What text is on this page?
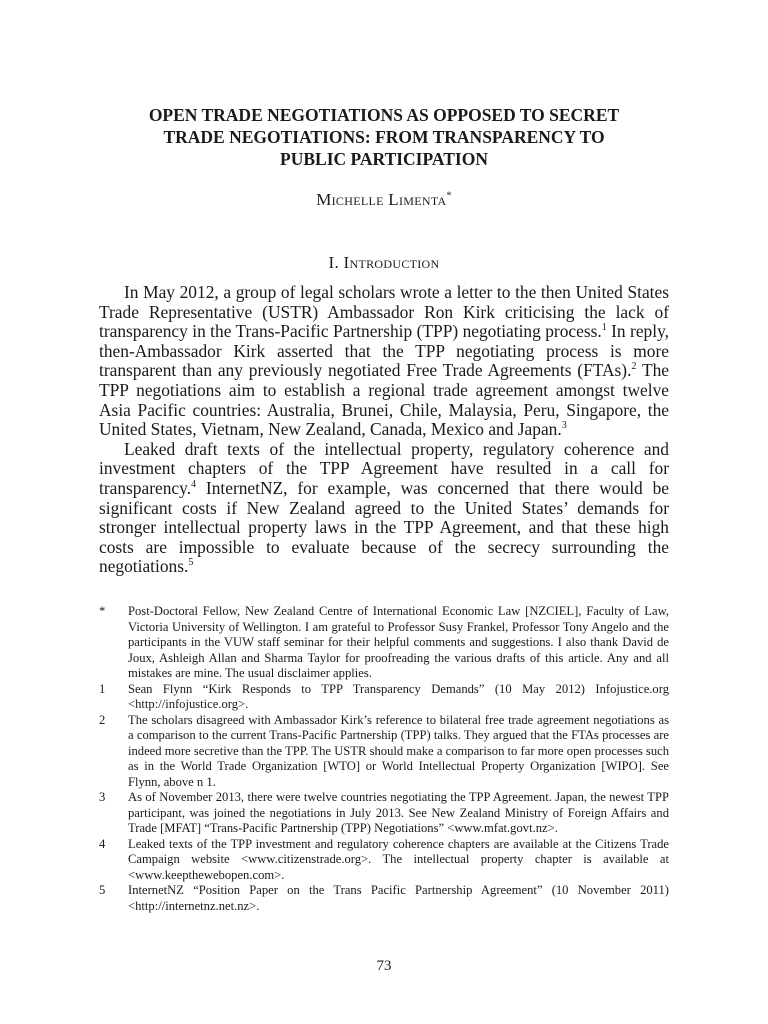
OPEN TRADE NEGOTIATIONS AS OPPOSED TO SECRET
TRADE NEGOTIATIONS: FROM TRANSPARENCY TO
PUBLIC PARTICIPATION
Michelle Limenta*
I. Introduction

In May 2012, a group of legal scholars wrote a letter to the then United States Trade Representative (USTR) Ambassador Ron Kirk criticising the lack of transparency in the Trans-Pacific Partnership (TPP) negotiating process.$^1$ In reply, then-Ambassador Kirk asserted that the TPP negotiating process is more transparent than any previously negotiated Free Trade Agreements (FTAs).$^2$ The TPP negotiations aim to establish a regional trade agreement amongst twelve Asia Pacific countries: Australia, Brunei, Chile, Malaysia, Peru, Singapore, the United States, Vietnam, New Zealand, Canada, Mexico and Japan.$^3$

Leaked draft texts of the intellectual property, regulatory coherence and investment chapters of the TPP Agreement have resulted in a call for transparency.$^4$ InternetNZ, for example, was concerned that there would be significant costs if New Zealand agreed to the United States’ demands for stronger intellectual property laws in the TPP Agreement, and that these high costs are impossible to evaluate because of the secrecy surrounding the negotiations.$^5$

*	Post-Doctoral Fellow, New Zealand Centre of International Economic Law [NZCIEL], Faculty of Law, Victoria University of Wellington. I am grateful to Professor Susy Frankel, Professor Tony Angelo and the participants in the VUW staff seminar for their helpful comments and suggestions. I also thank David de Joux, Ashleigh Allan and Sharma Taylor for proofreading the various drafts of this article. Any and all mistakes are mine. The usual disclaimer applies.
1	Sean Flynn “Kirk Responds to TPP Transparency Demands” (10 May 2012) Infojustice.org <http://infojustice.org>.
2	The scholars disagreed with Ambassador Kirk’s reference to bilateral free trade agreement negotiations as a comparison to the current Trans-Pacific Partnership (TPP) talks. They argued that the FTAs processes are indeed more secretive than the TPP. The USTR should make a comparison to far more open processes such as in the World Trade Organization [WTO] or World Intellectual Property Organization [WIPO]. See Flynn, above n 1.
3	As of November 2013, there were twelve countries negotiating the TPP Agreement. Japan, the newest TPP participant, was joined the negotiations in July 2013. See New Zealand Ministry of Foreign Affairs and Trade [MFAT] “Trans-Pacific Partnership (TPP) Negotiations” <www.mfat.govt.nz>.
4	Leaked texts of the TPP investment and regulatory coherence chapters are available at the Citizens Trade Campaign website <www.citizenstrade.org>. The intellectual property chapter is available at <www.keepthewebopen.com>.
5	InternetNZ “Position Paper on the Trans Pacific Partnership Agreement” (10 November 2011) <http://internetnz.net.nz>.
73
